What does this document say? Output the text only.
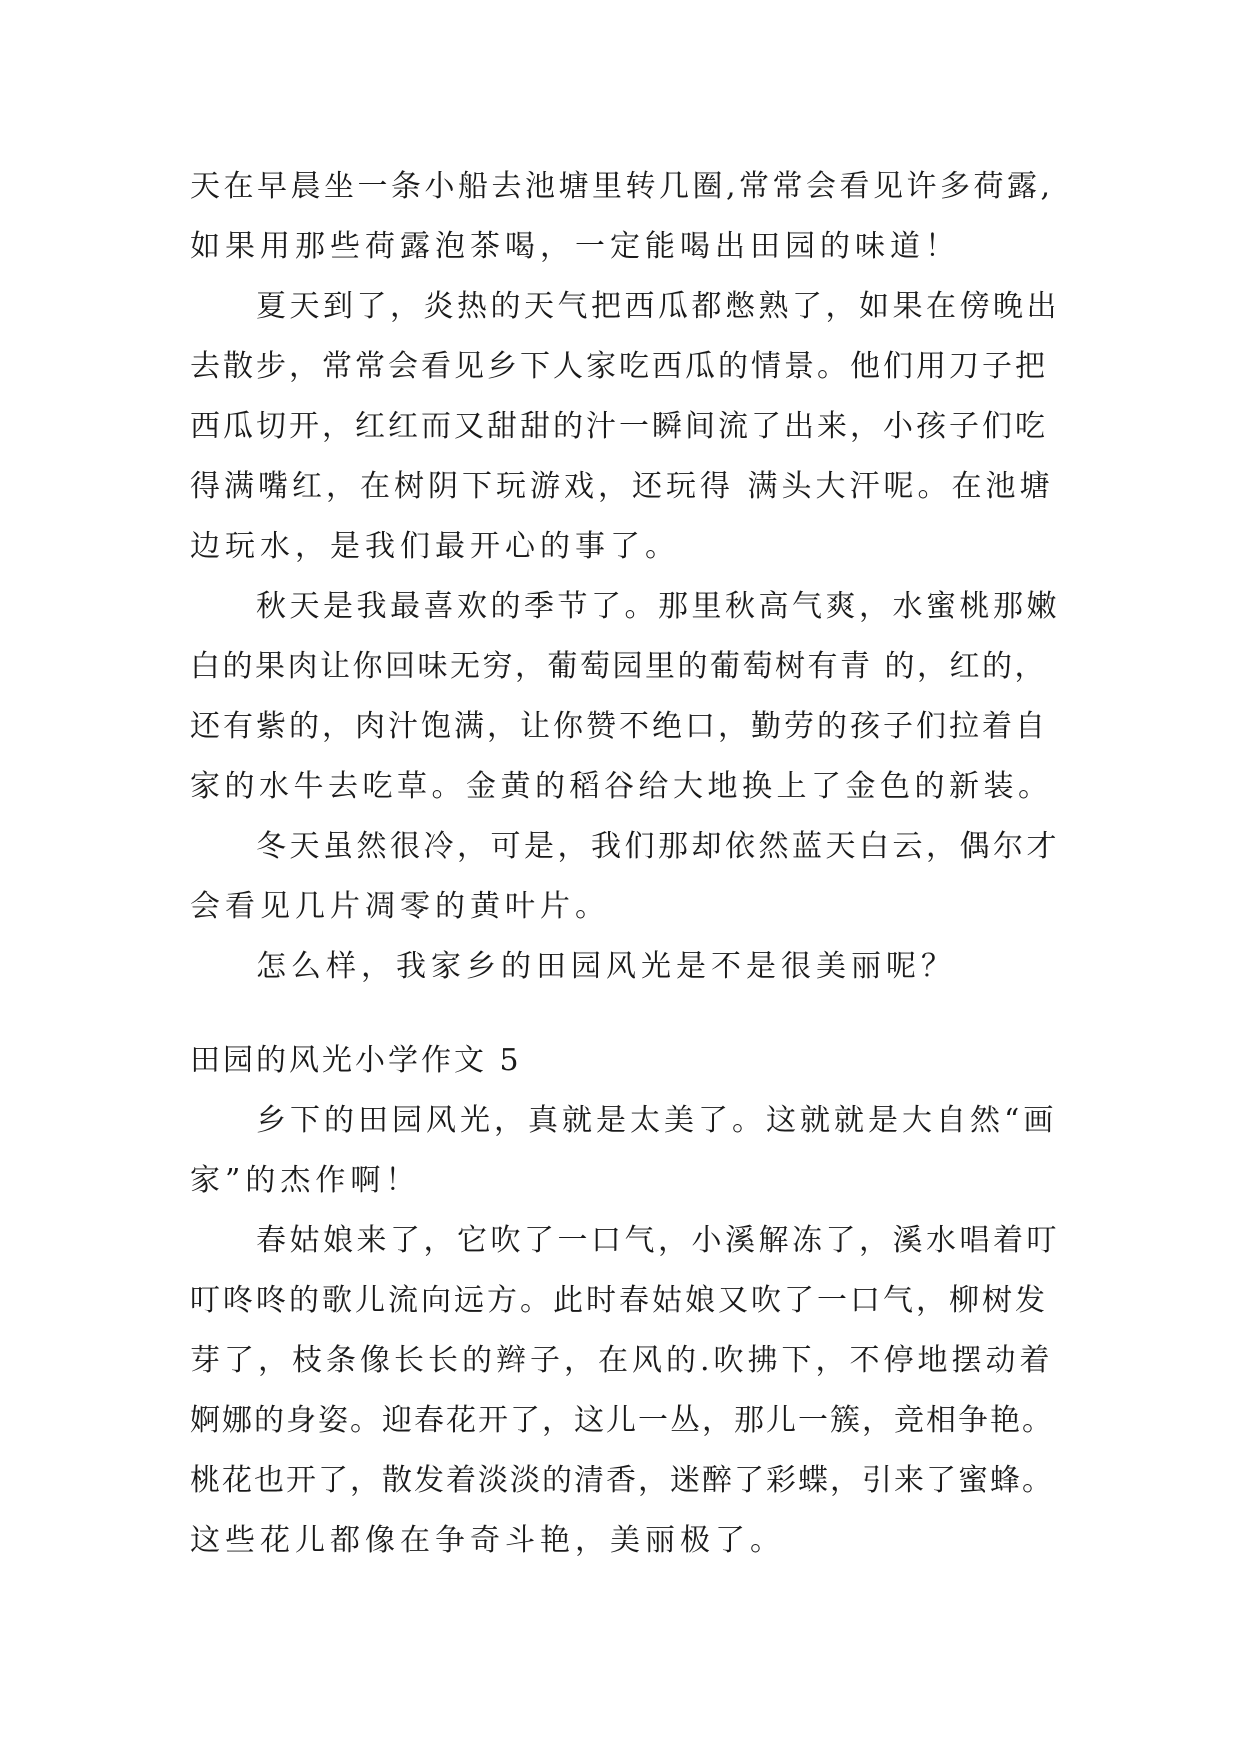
天在早晨坐一条小船去池塘里转几圈,常常会看见许多荷露,
如果用那些荷露泡茶喝，一定能喝出田园的味道！
夏天到了，炎热的天气把西瓜都憋熟了，如果在傍晚出
去散步，常常会看见乡下人家吃西瓜的情景。他们用刀子把
西瓜切开，红红而又甜甜的汁一瞬间流了出来，小孩子们吃
得满嘴红，在树阴下玩游戏，还玩得 满头大汗呢。在池塘
边玩水，是我们最开心的事了。
秋天是我最喜欢的季节了。那里秋高气爽，水蜜桃那嫩
白的果肉让你回味无穷，葡萄园里的葡萄树有青 的，红的，
还有紫的，肉汁饱满，让你赞不绝口，勤劳的孩子们拉着自
家的水牛去吃草。金黄的稻谷给大地换上了金色的新装。
冬天虽然很冷，可是，我们那却依然蓝天白云，偶尔才
会看见几片凋零的黄叶片。
怎么样，我家乡的田园风光是不是很美丽呢？
田园的风光小学作文 5
乡下的田园风光，真就是太美了。这就就是大自然“画
家”的杰作啊！
春姑娘来了，它吹了一口气，小溪解冻了，溪水唱着叮
叮咚咚的歌儿流向远方。此时春姑娘又吹了一口气，柳树发
芽了，枝条像长长的辫子，在风的.吹拂下，不停地摆动着
婀娜的身姿。迎春花开了，这儿一丛，那儿一簇，竞相争艳。
桃花也开了，散发着淡淡的清香，迷醉了彩蝶，引来了蜜蜂。
这些花儿都像在争奇斗艳，美丽极了。
